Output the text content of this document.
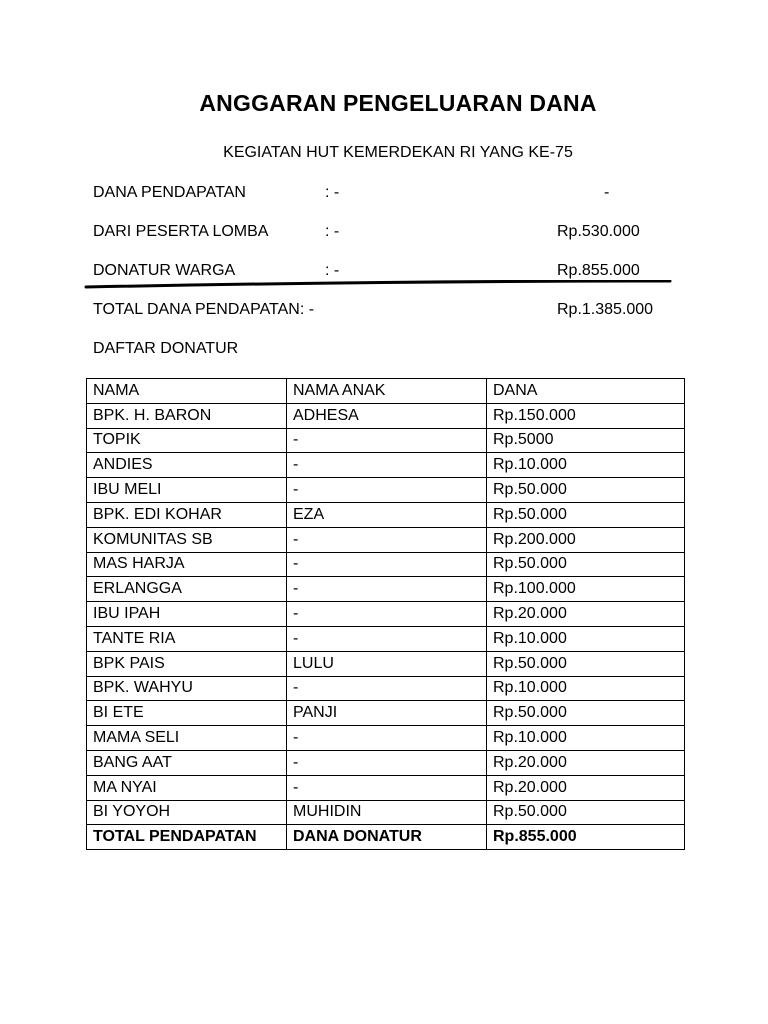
ANGGARAN PENGELUARAN DANA
KEGIATAN HUT KEMERDEKAN RI YANG KE-75
DANA PENDAPATAN	: -	-
DARI PESERTA LOMBA	: -	Rp.530.000
DONATUR WARGA	: -	Rp.855.000
TOTAL DANA PENDAPATAN: -	Rp.1.385.000
DAFTAR DONATUR
NAMA	NAMA ANAK	DANA
BPK. H. BARON	ADHESA	Rp.150.000
TOPIK	-	Rp.5000
ANDIES	-	Rp.10.000
IBU MELI	-	Rp.50.000
BPK. EDI KOHAR	EZA	Rp.50.000
KOMUNITAS SB	-	Rp.200.000
MAS HARJA	-	Rp.50.000
ERLANGGA	-	Rp.100.000
IBU IPAH	-	Rp.20.000
TANTE RIA	-	Rp.10.000
BPK PAIS	LULU	Rp.50.000
BPK. WAHYU	-	Rp.10.000
BI ETE	PANJI	Rp.50.000
MAMA SELI	-	Rp.10.000
BANG AAT	-	Rp.20.000
MA NYAI	-	Rp.20.000
BI YOYOH	MUHIDIN	Rp.50.000
TOTAL PENDAPATAN	DANA DONATUR	Rp.855.000
